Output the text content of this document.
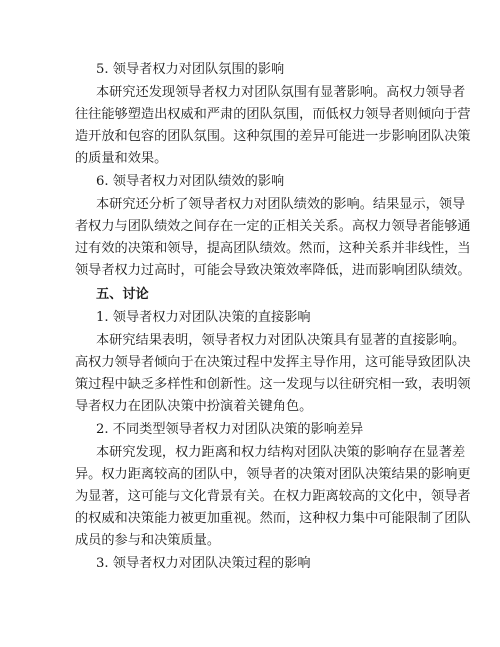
5. 领导者权力对团队氛围的影响

本研究还发现领导者权力对团队氛围有显著影响。高权力领导者

往往能够塑造出权威和严肃的团队氛围，而低权力领导者则倾向于营

造开放和包容的团队氛围。这种氛围的差异可能进一步影响团队决策

的质量和效果。

6. 领导者权力对团队绩效的影响

本研究还分析了领导者权力对团队绩效的影响。结果显示，领导

者权力与团队绩效之间存在一定的正相关关系。高权力领导者能够通

过有效的决策和领导，提高团队绩效。然而，这种关系并非线性，当

领导者权力过高时，可能会导致决策效率降低，进而影响团队绩效。

五、讨论

1. 领导者权力对团队决策的直接影响

本研究结果表明，领导者权力对团队决策具有显著的直接影响。

高权力领导者倾向于在决策过程中发挥主导作用，这可能导致团队决

策过程中缺乏多样性和创新性。这一发现与以往研究相一致，表明领

导者权力在团队决策中扮演着关键角色。

2. 不同类型领导者权力对团队决策的影响差异

本研究发现，权力距离和权力结构对团队决策的影响存在显著差

异。权力距离较高的团队中，领导者的决策对团队决策结果的影响更

为显著，这可能与文化背景有关。在权力距离较高的文化中，领导者

的权威和决策能力被更加重视。然而，这种权力集中可能限制了团队

成员的参与和决策质量。

3. 领导者权力对团队决策过程的影响
